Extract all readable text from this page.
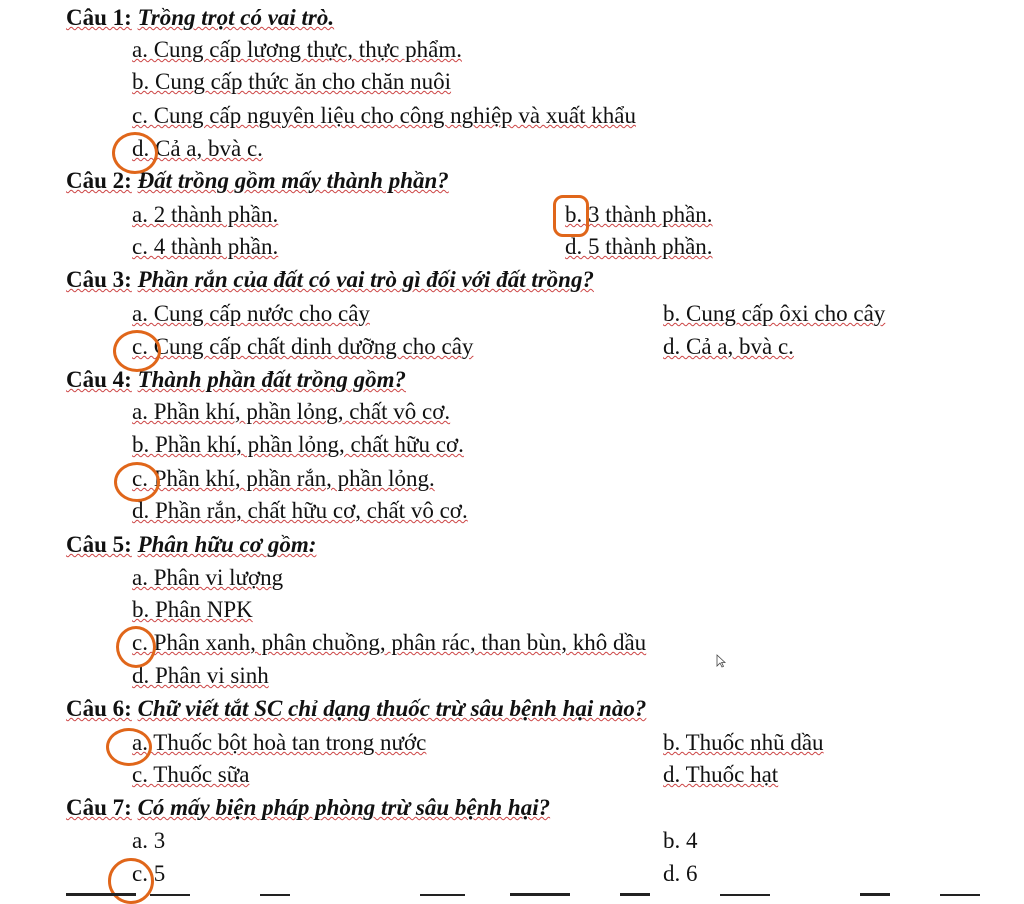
Câu 1: Trồng trọt có vai trò.
a. Cung cấp lương thực, thực phẩm.
b. Cung cấp thức ăn cho chăn nuôi
c. Cung cấp nguyên liệu cho công nghiệp và xuất khẩu
d. Cả a, bvà c.
Câu 2: Đất trồng gồm mấy thành phần?
a. 2 thành phần.	b. 3 thành phần.
c. 4 thành phần.	d. 5 thành phần.
Câu 3: Phần rắn của đất có vai trò gì đối với đất trồng?
a. Cung cấp nước cho cây	b. Cung cấp ôxi cho cây
c. Cung cấp chất dinh dưỡng cho cây	d. Cả a, bvà c.
Câu 4: Thành phần đất trồng gồm?
a. Phần khí, phần lỏng, chất vô cơ.
b. Phần khí, phần lỏng, chất hữu cơ.
c. Phần khí, phần rắn, phần lỏng.
d. Phần rắn, chất hữu cơ, chất vô cơ.
Câu 5: Phân hữu cơ gồm:
a. Phân vi lượng
b. Phân NPK
c. Phân xanh, phân chuồng, phân rác, than bùn, khô dầu
d. Phân vi sinh
Câu 6: Chữ viết tắt SC chỉ dạng thuốc trừ sâu bệnh hại nào?
a. Thuốc bột hoà tan trong nước	b. Thuốc nhũ dầu
c. Thuốc sữa	d. Thuốc hạt
Câu 7: Có mấy biện pháp phòng trừ sâu bệnh hại?
a. 3	b. 4
c. 5	d. 6
